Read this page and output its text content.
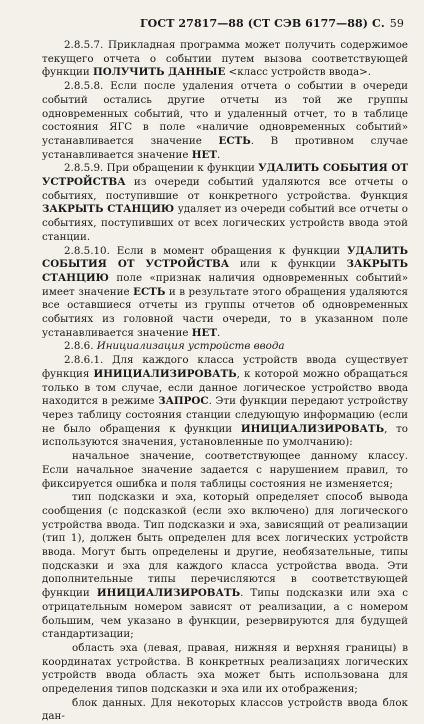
ГОСТ 27817—88 (СТ СЭВ 6177—88) С. 59

2.8.5.7. Прикладная программа может получить содержимое текущего отчета о событии путем вызова соответствующей функции ПОЛУЧИТЬ ДАННЫЕ <класс устройств ввода>.

2.8.5.8. Если после удаления отчета о событии в очереди событий остались другие отчеты из той же группы одновременных событий, что и удаленный отчет, то в таблице состояния ЯГС в поле «наличие одновременных событий» устанавливается значение ЕСТЬ. В противном случае устанавливается значение НЕТ.

2.8.5.9. При обращении к функции УДАЛИТЬ СОБЫТИЯ ОТ УСТРОЙСТВА из очереди событий удаляются все отчеты о событиях, поступившие от конкретного устройства. Функция ЗАКРЫТЬ СТАНЦИЮ удаляет из очереди событий все отчеты о событиях, поступивших от всех логических устройств ввода этой станции.

2.8.5.10. Если в момент обращения к функции УДАЛИТЬ СОБЫТИЯ ОТ УСТРОЙСТВА или к функции ЗАКРЫТЬ СТАНЦИЮ поле «признак наличия одновременных событий» имеет значение ЕСТЬ и в результате этого обращения удаляются все оставшиеся отчеты из группы отчетов об одновременных событиях из головной части очереди, то в указанном поле устанавливается значение НЕТ.

2.8.6. Инициализация устройств ввода

2.8.6.1. Для каждого класса устройств ввода существует функция ИНИЦИАЛИЗИРОВАТЬ, к которой можно обращаться только в том случае, если данное логическое устройство ввода находится в режиме ЗАПРОС. Эти функции передают устройству через таблицу состояния станции следующую информацию (если не было обращения к функции ИНИЦИАЛИЗИРОВАТЬ, то используются значения, установленные по умолчанию):

начальное значение, соответствующее данному классу. Если начальное значение задается с нарушением правил, то фиксируется ошибка и поля таблицы состояния не изменяется;

тип подсказки и эха, который определяет способ вывода сообщения (с подсказкой (если эхо включено) для логического устройства ввода. Тип подсказки и эха, зависящий от реализации (тип 1), должен быть определен для всех логических устройств ввода. Могут быть определены и другие, необязательные, типы подсказки и эха для каждого класса устройства ввода. Эти дополнительные типы перечисляются в соответствующей функции ИНИЦИАЛИЗИРОВАТЬ. Типы подсказки или эха с отрицательным номером зависят от реализации, а с номером большим, чем указано в функции, резервируются для будущей стандартизации;

область эха (левая, правая, нижняя и верхняя границы) в координатах устройства. В конкретных реализациях логических устройств ввода область эха может быть использована для определения типов подсказки и эха или их отображения;

блок данных. Для некоторых классов устройств ввода блок дан-
